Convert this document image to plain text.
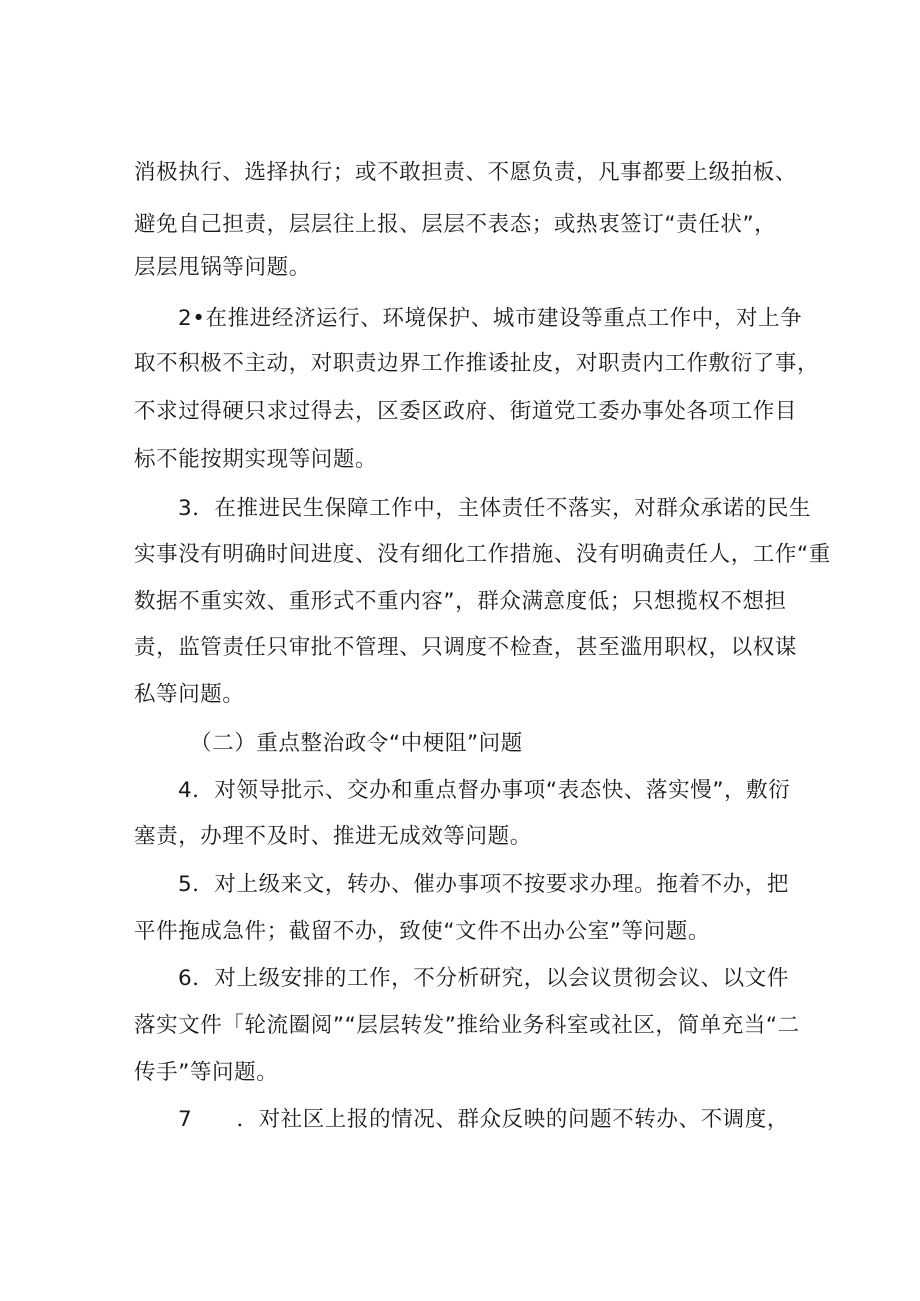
消极执行、选择执行；或不敢担责、不愿负责，凡事都要上级拍板、
避免自己担责，层层往上报、层层不表态；或热衷签订“责任状”，
层层甩锅等问题。
2•在推进经济运行、环境保护、城市建设等重点工作中，对上争
取不积极不主动，对职责边界工作推诿扯皮，对职责内工作敷衍了事，
不求过得硬只求过得去，区委区政府、街道党工委办事处各项工作目
标不能按期实现等问题。
3．在推进民生保障工作中，主体责任不落实，对群众承诺的民生
实事没有明确时间进度、没有细化工作措施、没有明确责任人，工作“重
数据不重实效、重形式不重内容”，群众满意度低；只想揽权不想担
责，监管责任只审批不管理、只调度不检查，甚至滥用职权，以权谋
私等问题。
（二）重点整治政令“中梗阻”问题
4．对领导批示、交办和重点督办事项“表态快、落实慢”，敷衍
塞责，办理不及时、推进无成效等问题。
5．对上级来文，转办、催办事项不按要求办理。拖着不办，把
平件拖成急件；截留不办，致使“文件不出办公室”等问题。
6．对上级安排的工作，不分析研究，以会议贯彻会议、以文件
落实文件「轮流圈阅”“层层转发”推给业务科室或社区，简单充当“二
传手”等问题。
7　　．对社区上报的情况、群众反映的问题不转办、不调度，
